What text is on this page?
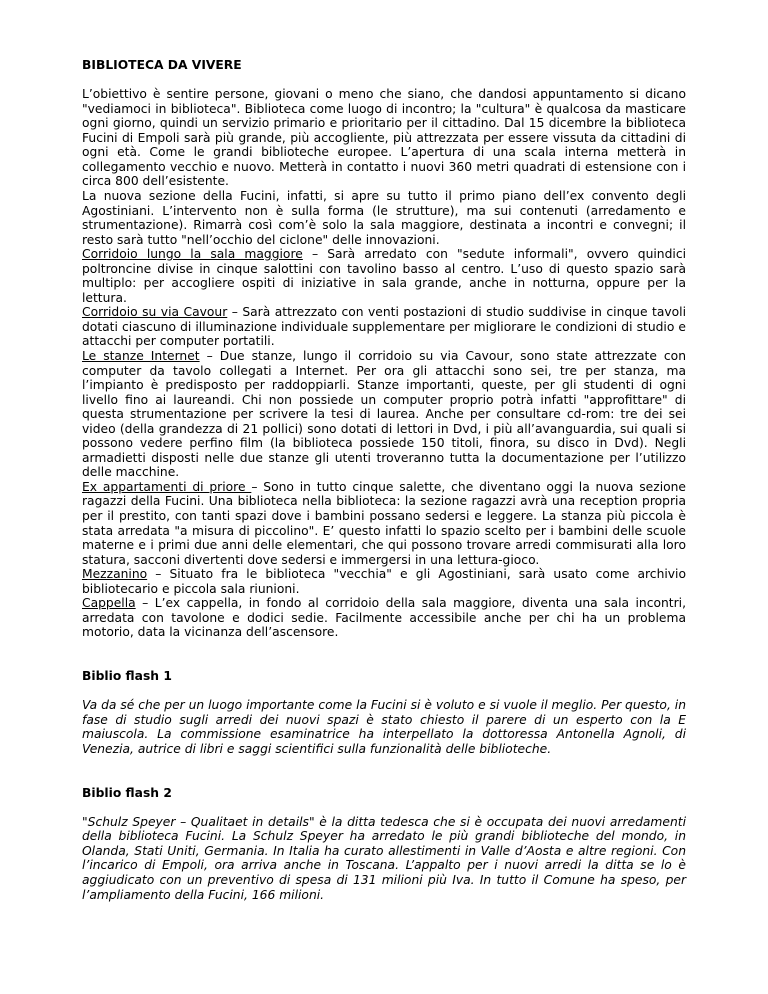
BIBLIOTECA DA VIVERE

L’obiettivo è sentire persone, giovani o meno che siano, che dandosi appuntamento si dicano "vediamoci in biblioteca". Biblioteca come luogo di incontro; la "cultura" è qualcosa da masticare ogni giorno, quindi un servizio primario e prioritario per il cittadino. Dal 15 dicembre la biblioteca Fucini di Empoli sarà più grande, più accogliente, più attrezzata per essere vissuta da cittadini di ogni età. Come le grandi biblioteche europee. L’apertura di una scala interna metterà in collegamento vecchio e nuovo. Metterà in contatto i nuovi 360 metri quadrati di estensione con i circa 800 dell’esistente.

La nuova sezione della Fucini, infatti, si apre su tutto il primo piano dell’ex convento degli Agostiniani. L’intervento non è sulla forma (le strutture), ma sui contenuti (arredamento e strumentazione). Rimarrà così com’è solo la sala maggiore, destinata a incontri e convegni; il resto sarà tutto "nell’occhio del ciclone" delle innovazioni.

Corridoio lungo la sala maggiore – Sarà arredato con "sedute informali", ovvero quindici poltroncine divise in cinque salottini con tavolino basso al centro. L’uso di questo spazio sarà multiplo: per accogliere ospiti di iniziative in sala grande, anche in notturna, oppure per la lettura.

Corridoio su via Cavour – Sarà attrezzato con venti postazioni di studio suddivise in cinque tavoli dotati ciascuno di illuminazione individuale supplementare per migliorare le condizioni di studio e attacchi per computer portatili.

Le stanze Internet – Due stanze, lungo il corridoio su via Cavour, sono state attrezzate con computer da tavolo collegati a Internet. Per ora gli attacchi sono sei, tre per stanza, ma l’impianto è predisposto per raddoppiarli. Stanze importanti, queste, per gli studenti di ogni livello fino ai laureandi. Chi non possiede un computer proprio potrà infatti "approfittare" di questa strumentazione per scrivere la tesi di laurea. Anche per consultare cd-rom: tre dei sei video (della grandezza di 21 pollici) sono dotati di lettori in Dvd, i più all’avanguardia, sui quali si possono vedere perfino film (la biblioteca possiede 150 titoli, finora, su disco in Dvd). Negli armadietti disposti nelle due stanze gli utenti troveranno tutta la documentazione per l’utilizzo delle macchine.

Ex appartamenti di priore – Sono in tutto cinque salette, che diventano oggi la nuova sezione ragazzi della Fucini. Una biblioteca nella biblioteca: la sezione ragazzi avrà una reception propria per il prestito, con tanti spazi dove i bambini possano sedersi e leggere. La stanza più piccola è stata arredata "a misura di piccolino". E’ questo infatti lo spazio scelto per i bambini delle scuole materne e i primi due anni delle elementari, che qui possono trovare arredi commisurati alla loro statura, sacconi divertenti dove sedersi e immergersi in una lettura-gioco.

Mezzanino – Situato fra le biblioteca "vecchia" e gli Agostiniani, sarà usato come archivio bibliotecario e piccola sala riunioni.

Cappella – L’ex cappella, in fondo al corridoio della sala maggiore, diventa una sala incontri, arredata con tavolone e dodici sedie. Facilmente accessibile anche per chi ha un problema motorio, data la vicinanza dell’ascensore.

Biblio flash 1

Va da sé che per un luogo importante come la Fucini si è voluto e si vuole il meglio. Per questo, in fase di studio sugli arredi dei nuovi spazi è stato chiesto il parere di un esperto con la E maiuscola. La commissione esaminatrice ha interpellato la dottoressa Antonella Agnoli, di Venezia, autrice di libri e saggi scientifici sulla funzionalità delle biblioteche.

Biblio flash 2

"Schulz Speyer – Qualitaet in details" è la ditta tedesca che si è occupata dei nuovi arredamenti della biblioteca Fucini. La Schulz Speyer ha arredato le più grandi biblioteche del mondo, in Olanda, Stati Uniti, Germania. In Italia ha curato allestimenti in Valle d’Aosta e altre regioni. Con l’incarico di Empoli, ora arriva anche in Toscana. L’appalto per i nuovi arredi la ditta se lo è aggiudicato con un preventivo di spesa di 131 milioni più Iva. In tutto il Comune ha speso, per l’ampliamento della Fucini, 166 milioni.
